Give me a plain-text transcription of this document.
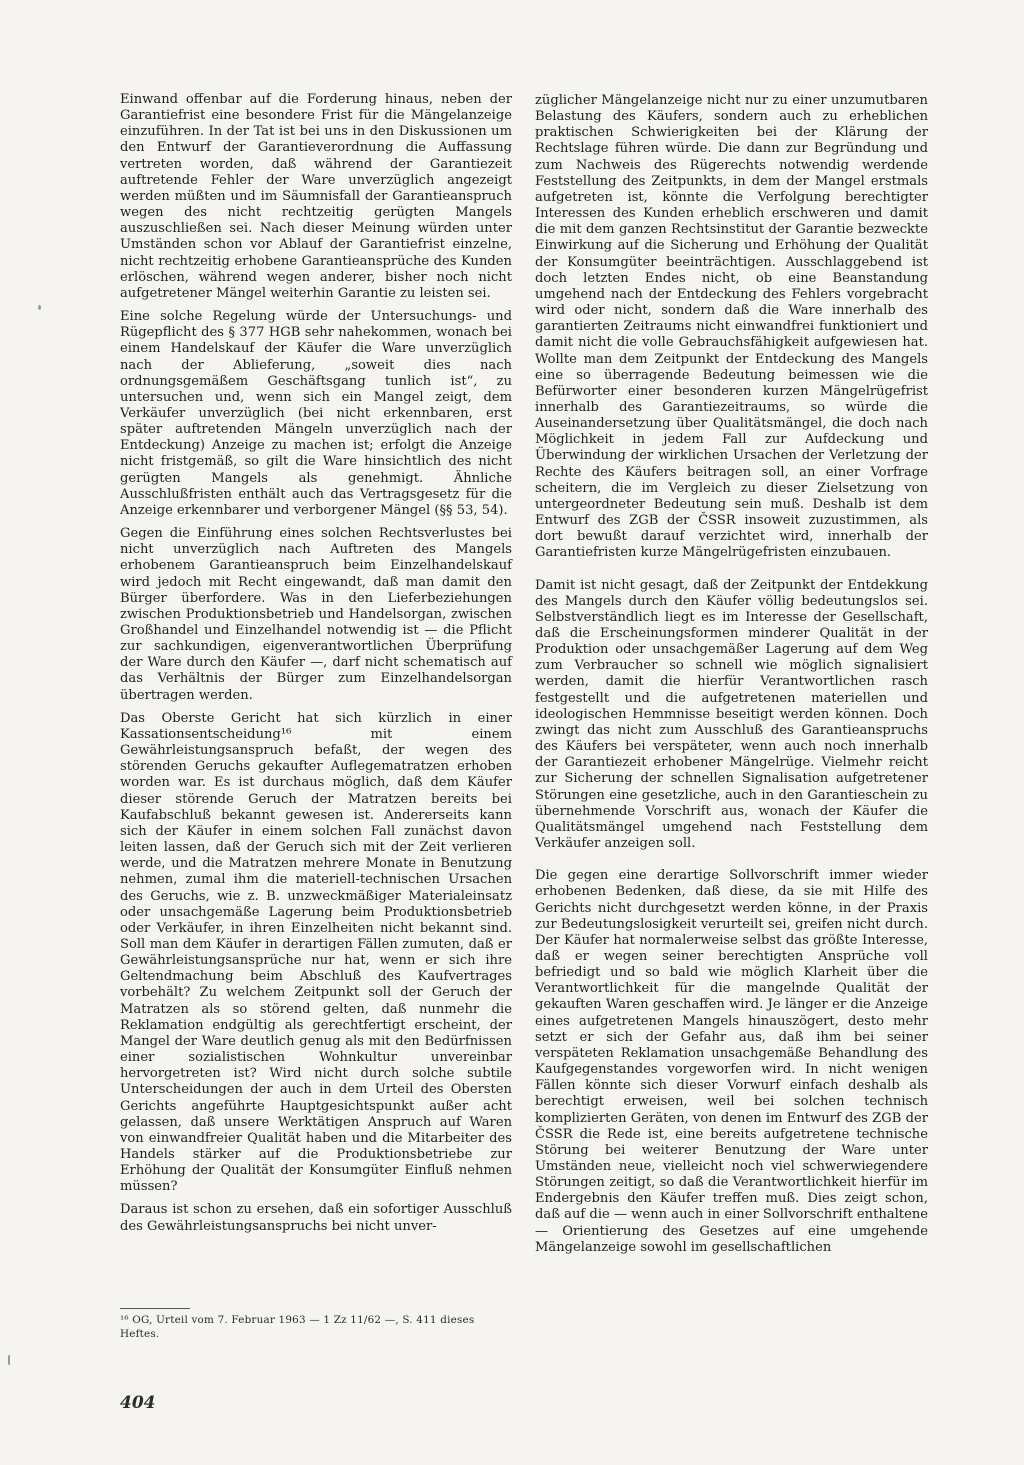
Einwand offenbar auf die Forderung hinaus, neben der Garantiefrist eine besondere Frist für die Mängelanzeige einzuführen. In der Tat ist bei uns in den Diskussionen um den Entwurf der Garantieverordnung die Auffassung vertreten worden, daß während der Garantiezeit auftretende Fehler der Ware unverzüglich angezeigt werden müßten und im Säumnisfall der Garantieanspruch wegen des nicht rechtzeitig gerügten Mangels auszuschließen sei. Nach dieser Meinung würden unter Umständen schon vor Ablauf der Garantiefrist einzelne, nicht rechtzeitig erhobene Garantieansprüche des Kunden erlöschen, während wegen anderer, bisher noch nicht aufgetretener Mängel weiterhin Garantie zu leisten sei.

Eine solche Regelung würde der Untersuchungs- und Rügepflicht des § 377 HGB sehr nahekommen, wonach bei einem Handelskauf der Käufer die Ware unverzüglich nach der Ablieferung, „soweit dies nach ordnungsgemäßem Geschäftsgang tunlich ist“, zu untersuchen und, wenn sich ein Mangel zeigt, dem Verkäufer unverzüglich (bei nicht erkennbaren, erst später auftretenden Mängeln unverzüglich nach der Entdeckung) Anzeige zu machen ist; erfolgt die Anzeige nicht fristgemäß, so gilt die Ware hinsichtlich des nicht gerügten Mangels als genehmigt. Ähnliche Ausschlußfristen enthält auch das Vertragsgesetz für die Anzeige erkennbarer und verborgener Mängel (§§ 53, 54).

Gegen die Einführung eines solchen Rechtsverlustes bei nicht unverzüglich nach Auftreten des Mangels erhobenem Garantieanspruch beim Einzelhandelskauf wird jedoch mit Recht eingewandt, daß man damit den Bürger überfordere. Was in den Lieferbeziehungen zwischen Produktionsbetrieb und Handelsorgan, zwischen Großhandel und Einzelhandel notwendig ist — die Pflicht zur sachkundigen, eigenverantwortlichen Überprüfung der Ware durch den Käufer —, darf nicht schematisch auf das Verhältnis der Bürger zum Einzelhandelsorgan übertragen werden.

Das Oberste Gericht hat sich kürzlich in einer Kassationsentscheidung¹⁶ mit einem Gewährleistungsanspruch befaßt, der wegen des störenden Geruchs gekaufter Auflegematratzen erhoben worden war. Es ist durchaus möglich, daß dem Käufer dieser störende Geruch der Matratzen bereits bei Kaufabschluß bekannt gewesen ist. Andererseits kann sich der Käufer in einem solchen Fall zunächst davon leiten lassen, daß der Geruch sich mit der Zeit verlieren werde, und die Matratzen mehrere Monate in Benutzung nehmen, zumal ihm die materiell-technischen Ursachen des Geruchs, wie z. B. unzweckmäßiger Materialeinsatz oder unsachgemäße Lagerung beim Produktionsbetrieb oder Verkäufer, in ihren Einzelheiten nicht bekannt sind. Soll man dem Käufer in derartigen Fällen zumuten, daß er Gewährleistungsansprüche nur hat, wenn er sich ihre Geltendmachung beim Abschluß des Kaufvertrages vorbehält? Zu welchem Zeitpunkt soll der Geruch der Matratzen als so störend gelten, daß nunmehr die Reklamation endgültig als gerechtfertigt erscheint, der Mangel der Ware deutlich genug als mit den Bedürfnissen einer sozialistischen Wohnkultur unvereinbar hervorgetreten ist? Wird nicht durch solche subtile Unterscheidungen der auch in dem Urteil des Obersten Gerichts angeführte Hauptgesichtspunkt außer acht gelassen, daß unsere Werktätigen Anspruch auf Waren von einwandfreier Qualität haben und die Mitarbeiter des Handels stärker auf die Produktionsbetriebe zur Erhöhung der Qualität der Konsumgüter Einfluß nehmen müssen?

Daraus ist schon zu ersehen, daß ein sofortiger Ausschluß des Gewährleistungsanspruchs bei nicht unver-

züglicher Mängelanzeige nicht nur zu einer unzumutbaren Belastung des Käufers, sondern auch zu erheblichen praktischen Schwierigkeiten bei der Klärung der Rechtslage führen würde. Die dann zur Begründung und zum Nachweis des Rügerechts notwendig werdende Feststellung des Zeitpunkts, in dem der Mangel erstmals aufgetreten ist, könnte die Verfolgung berechtigter Interessen des Kunden erheblich erschweren und damit die mit dem ganzen Rechtsinstitut der Garantie bezweckte Einwirkung auf die Sicherung und Erhöhung der Qualität der Konsumgüter beeinträchtigen. Ausschlaggebend ist doch letzten Endes nicht, ob eine Beanstandung umgehend nach der Entdeckung des Fehlers vorgebracht wird oder nicht, sondern daß die Ware innerhalb des garantierten Zeitraums nicht einwandfrei funktioniert und damit nicht die volle Gebrauchsfähigkeit aufgewiesen hat. Wollte man dem Zeitpunkt der Entdeckung des Mangels eine so überragende Bedeutung beimessen wie die Befürworter einer besonderen kurzen Mängelrügefrist innerhalb des Garantiezeitraums, so würde die Auseinandersetzung über Qualitätsmängel, die doch nach Möglichkeit in jedem Fall zur Aufdeckung und Überwindung der wirklichen Ursachen der Verletzung der Rechte des Käufers beitragen soll, an einer Vorfrage scheitern, die im Vergleich zu dieser Zielsetzung von untergeordneter Bedeutung sein muß. Deshalb ist dem Entwurf des ZGB der ČSSR insoweit zuzustimmen, als dort bewußt darauf verzichtet wird, innerhalb der Garantiefristen kurze Mängelrügefristen einzubauen.

Damit ist nicht gesagt, daß der Zeitpunkt der Entdekkung des Mangels durch den Käufer völlig bedeutungslos sei. Selbstverständlich liegt es im Interesse der Gesellschaft, daß die Erscheinungsformen minderer Qualität in der Produktion oder unsachgemäßer Lagerung auf dem Weg zum Verbraucher so schnell wie möglich signalisiert werden, damit die hierfür Verantwortlichen rasch festgestellt und die aufgetretenen materiellen und ideologischen Hemmnisse beseitigt werden können. Doch zwingt das nicht zum Ausschluß des Garantieanspruchs des Käufers bei verspäteter, wenn auch noch innerhalb der Garantiezeit erhobener Mängelrüge. Vielmehr reicht zur Sicherung der schnellen Signalisation aufgetretener Störungen eine gesetzliche, auch in den Garantieschein zu übernehmende Vorschrift aus, wonach der Käufer die Qualitätsmängel umgehend nach Feststellung dem Verkäufer anzeigen soll.

Die gegen eine derartige Sollvorschrift immer wieder erhobenen Bedenken, daß diese, da sie mit Hilfe des Gerichts nicht durchgesetzt werden könne, in der Praxis zur Bedeutungslosigkeit verurteilt sei, greifen nicht durch. Der Käufer hat normalerweise selbst das größte Interesse, daß er wegen seiner berechtigten Ansprüche voll befriedigt und so bald wie möglich Klarheit über die Verantwortlichkeit für die mangelnde Qualität der gekauften Waren geschaffen wird. Je länger er die Anzeige eines aufgetretenen Mangels hinauszögert, desto mehr setzt er sich der Gefahr aus, daß ihm bei seiner verspäteten Reklamation unsachgemäße Behandlung des Kaufgegenstandes vorgeworfen wird. In nicht wenigen Fällen könnte sich dieser Vorwurf einfach deshalb als berechtigt erweisen, weil bei solchen technisch komplizierten Geräten, von denen im Entwurf des ZGB der ČSSR die Rede ist, eine bereits aufgetretene technische Störung bei weiterer Benutzung der Ware unter Umständen neue, vielleicht noch viel schwerwiegendere Störungen zeitigt, so daß die Verantwortlichkeit hierfür im Endergebnis den Käufer treffen muß. Dies zeigt schon, daß auf die — wenn auch in einer Sollvorschrift enthaltene — Orientierung des Gesetzes auf eine umgehende Mängelanzeige sowohl im gesellschaftlichen

¹⁶ OG, Urteil vom 7. Februar 1963 — 1 Zz 11/62 —, S. 411 dieses Heftes.
404
